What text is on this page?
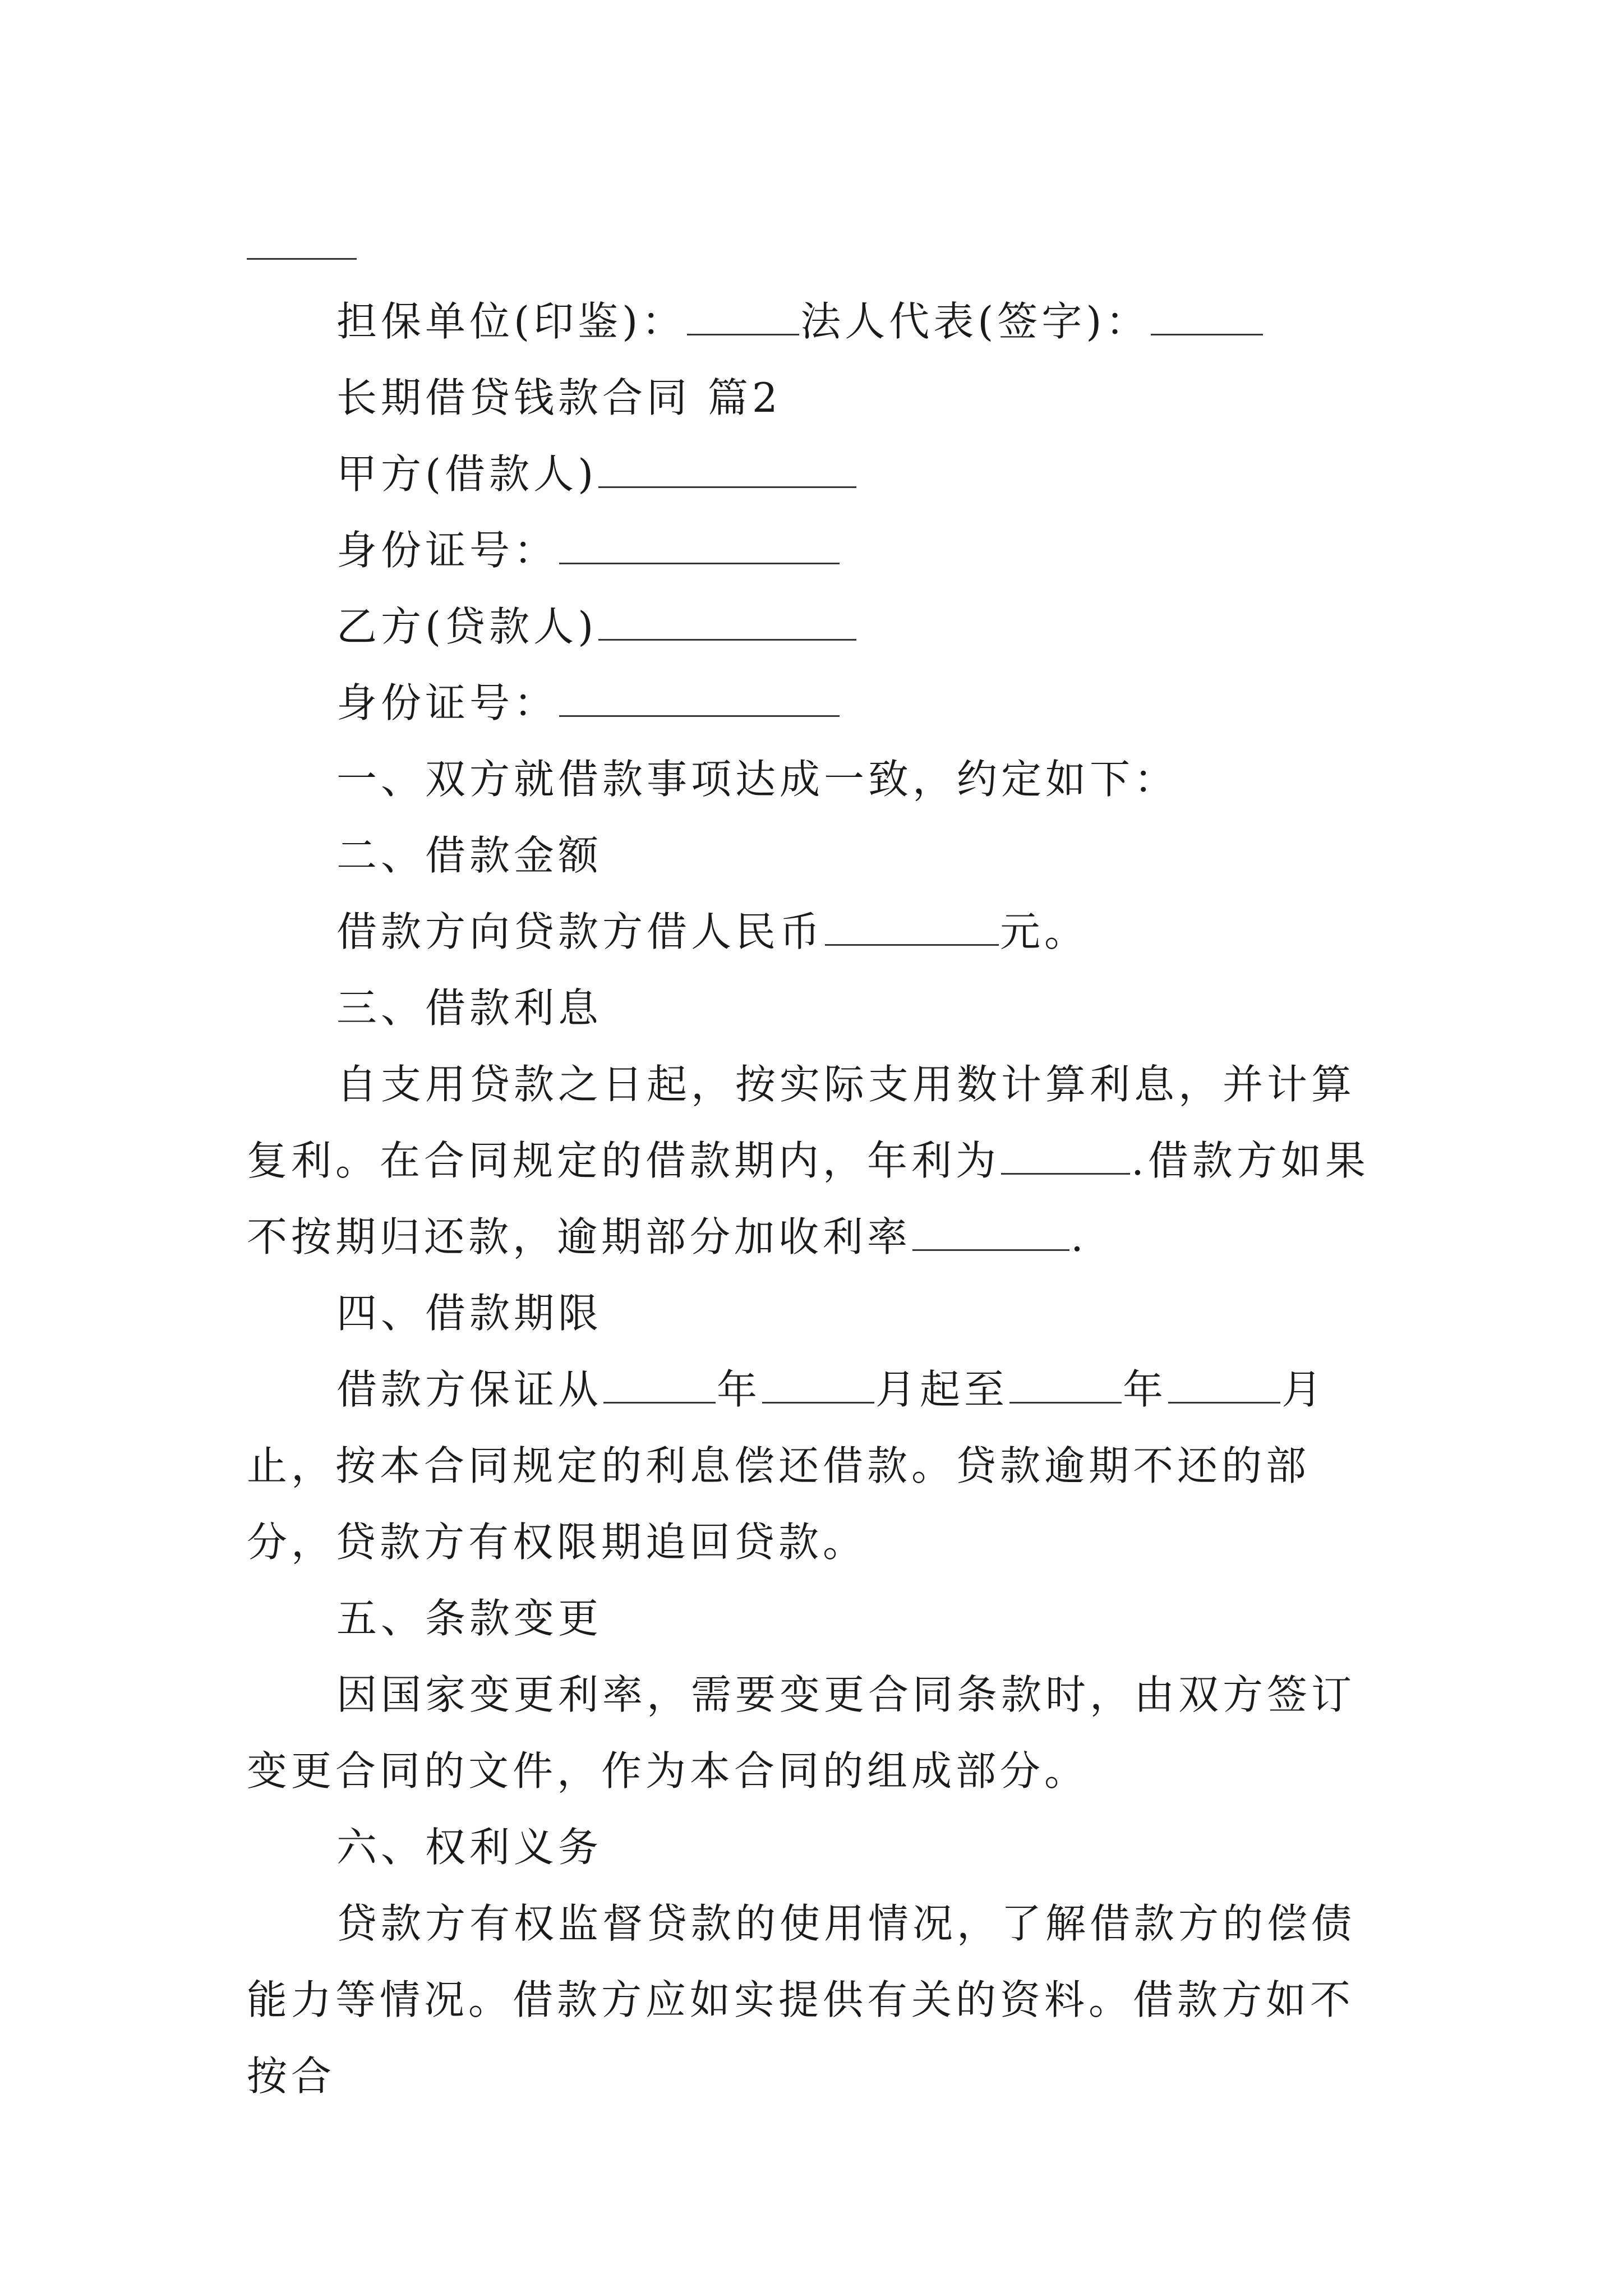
担保单位(印鉴)：	法人代表(签字)：

长期借贷钱款合同 篇2

甲方(借款人)

身份证号：

乙方(贷款人)

身份证号：

一、双方就借款事项达成一致，约定如下：

二、借款金额

借款方向贷款方借人民币	元。

三、借款利息

自支用贷款之日起，按实际支用数计算利息，并计算复利。在合同规定的借款期内，年利为	.借款方如果不按期归还款，逾期部分加收利率	.

四、借款期限

借款方保证从	年	月起至	年	月止，按本合同规定的利息偿还借款。贷款逾期不还的部分，贷款方有权限期追回贷款。

五、条款变更

因国家变更利率，需要变更合同条款时，由双方签订变更合同的文件，作为本合同的组成部分。

六、权利义务

贷款方有权监督贷款的使用情况，了解借款方的偿债能力等情况。借款方应如实提供有关的资料。借款方如不按合
